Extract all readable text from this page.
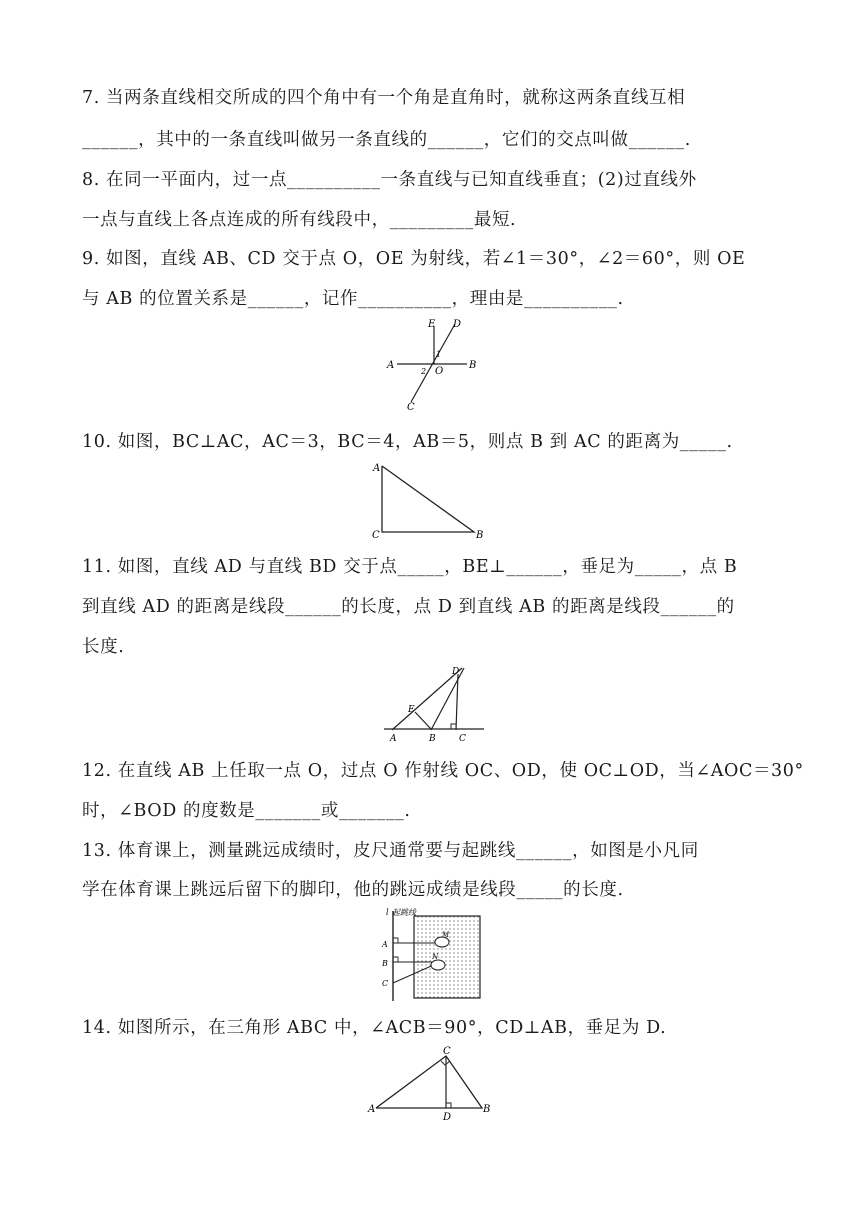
7. 当两条直线相交所成的四个角中有一个角是直角时，就称这两条直线互相
______，其中的一条直线叫做另一条直线的______，它们的交点叫做______.
8. 在同一平面内，过一点__________一条直线与已知直线垂直；(2)过直线外
一点与直线上各点连成的所有线段中，_________最短.
9. 如图，直线 AB、CD 交于点 O，OE 为射线，若∠1＝30°，∠2＝60°，则 OE
与 AB 的位置关系是______，记作__________，理由是__________.
A	B
C
D
E
O
1
2
10. 如图，BC⊥AC，AC＝3，BC＝4，AB＝5，则点 B 到 AC 的距离为_____.
A
C	B
11. 如图，直线 AD 与直线 BD 交于点_____，BE⊥______，垂足为_____，点 B
到直线 AD 的距离是线段______的长度，点 D 到直线 AB 的距离是线段______的
长度.
A	B	C
D
E
12. 在直线 AB 上任取一点 O，过点 O 作射线 OC、OD，使 OC⊥OD，当∠AOC＝30°
时，∠BOD 的度数是_______或_______.
13. 体育课上，测量跳远成绩时，皮尺通常要与起跳线______，如图是小凡同
学在体育课上跳远后留下的脚印，他的跳远成绩是线段_____的长度.
l 起跳线
A
B
C
M
N
14. 如图所示，在三角形 ABC 中，∠ACB＝90°，CD⊥AB，垂足为 D.
A	B
C
D
